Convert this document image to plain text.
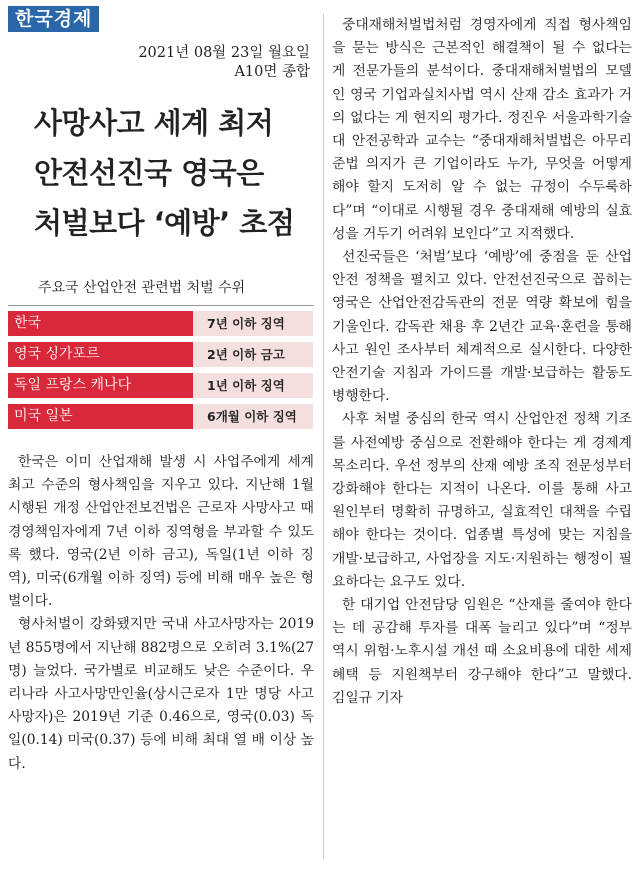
한국경제
2021년 08월 23일 월요일
A10면 종합
사망사고 세계 최저
안전선진국 영국은
처벌보다 ‘예방’ 초점
주요국 산업안전 관련법 처벌 수위
한국	7년 이하 징역
영국 싱가포르	2년 이하 금고
독일 프랑스 캐나다	1년 이하 징역
미국 일본	6개월 이하 징역

한국은 이미 산업재해 발생 시 사업주에게 세계 최고 수준의 형사책임을 지우고 있다. 지난해 1월 시행된 개정 산업안전보건법은 근로자 사망사고 때 경영책임자에게 7년 이하 징역형을 부과할 수 있도록 했다. 영국(2년 이하 금고), 독일(1년 이하 징역), 미국(6개월 이하 징역) 등에 비해 매우 높은 형벌이다.

형사처벌이 강화됐지만 국내 사고사망자는 2019년 855명에서 지난해 882명으로 오히려 3.1%(27명) 늘었다. 국가별로 비교해도 낮은 수준이다. 우리나라 사고사망만인율(상시근로자 1만 명당 사고사망자)은 2019년 기준 0.46으로, 영국(0.03) 독일(0.14) 미국(0.37) 등에 비해 최대 열 배 이상 높다.

중대재해처벌법처럼 경영자에게 직접 형사책임을 묻는 방식은 근본적인 해결책이 될 수 없다는 게 전문가들의 분석이다. 중대재해처벌법의 모델인 영국 기업과실치사법 역시 산재 감소 효과가 거의 없다는 게 현지의 평가다. 정진우 서울과학기술대 안전공학과 교수는 “중대재해처벌법은 아무리 준법 의지가 큰 기업이라도 누가, 무엇을 어떻게 해야 할지 도저히 알 수 없는 규정이 수두룩하다”며 “이대로 시행될 경우 중대재해 예방의 실효성을 거두기 어려워 보인다”고 지적했다.

선진국들은 ‘처벌’보다 ‘예방’에 중점을 둔 산업안전 정책을 펼치고 있다. 안전선진국으로 꼽히는 영국은 산업안전감독관의 전문 역량 확보에 힘을 기울인다. 감독관 채용 후 2년간 교육·훈련을 통해 사고 원인 조사부터 체계적으로 실시한다. 다양한 안전기술 지침과 가이드를 개발·보급하는 활동도 병행한다.

사후 처벌 중심의 한국 역시 산업안전 정책 기조를 사전예방 중심으로 전환해야 한다는 게 경제계 목소리다. 우선 정부의 산재 예방 조직 전문성부터 강화해야 한다는 지적이 나온다. 이를 통해 사고 원인부터 명확히 규명하고, 실효적인 대책을 수립해야 한다는 것이다. 업종별 특성에 맞는 지침을 개발·보급하고, 사업장을 지도·지원하는 행정이 필요하다는 요구도 있다.

한 대기업 안전담당 임원은 “산재를 줄여야 한다는 데 공감해 투자를 대폭 늘리고 있다”며 “정부 역시 위험·노후시설 개선 때 소요비용에 대한 세제 혜택 등 지원책부터 강구해야 한다”고 말했다. 김일규 기자
